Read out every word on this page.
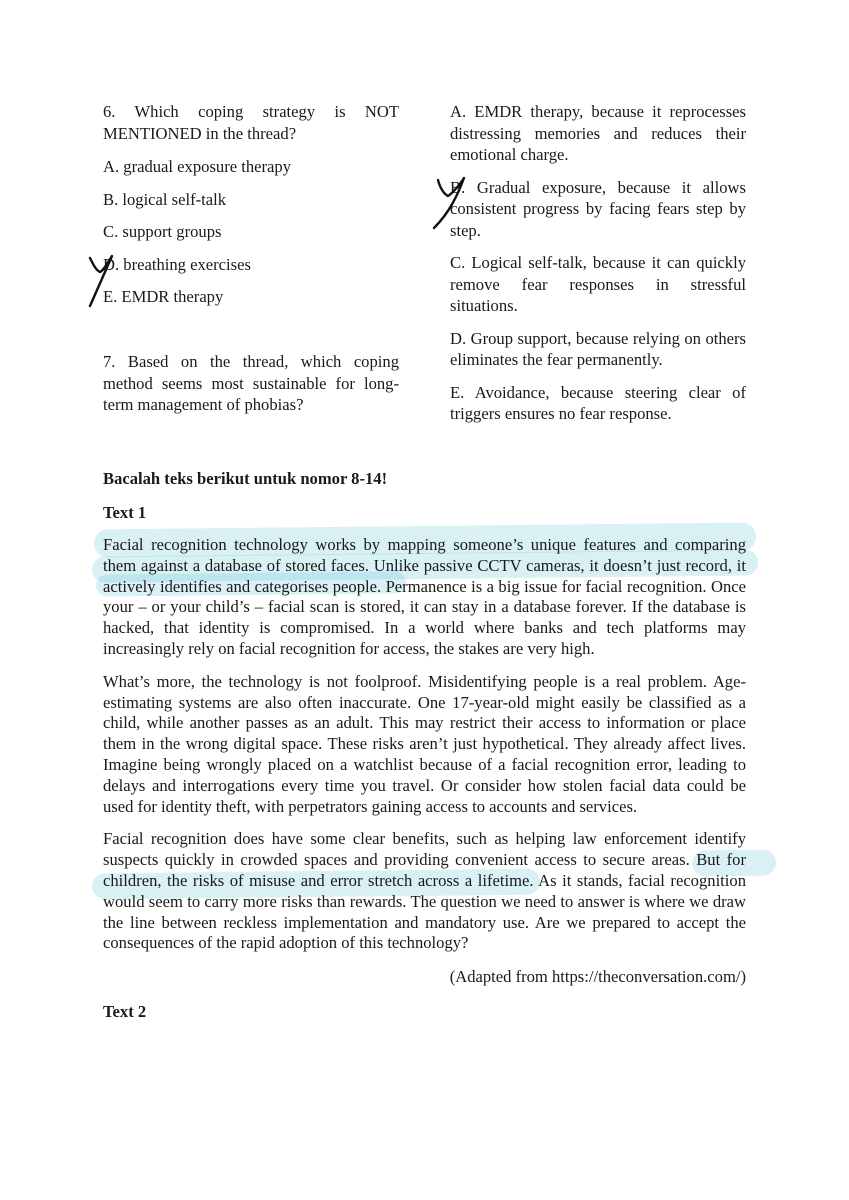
6. Which coping strategy is NOT MENTIONED in the thread?

A. gradual exposure therapy

B. logical self-talk

C. support groups

D. breathing exercises

E. EMDR therapy

7. Based on the thread, which coping method seems most sustainable for long-term management of phobias?

A. EMDR therapy, because it reprocesses distressing memories and reduces their emotional charge.

B. Gradual exposure, because it allows consistent progress by facing fears step by step.

C. Logical self-talk, because it can quickly remove fear responses in stressful situations.

D. Group support, because relying on others eliminates the fear permanently.

E. Avoidance, because steering clear of triggers ensures no fear response.

Bacalah teks berikut untuk nomor 8-14!

Text 1

Facial recognition technology works by mapping someone’s unique features and comparing them against a database of stored faces. Unlike passive CCTV cameras, it doesn’t just record, it actively identifies and categorises people. Permanence is a big issue for facial recognition. Once your – or your child’s – facial scan is stored, it can stay in a database forever. If the database is hacked, that identity is compromised. In a world where banks and tech platforms may increasingly rely on facial recognition for access, the stakes are very high.

What’s more, the technology is not foolproof. Misidentifying people is a real problem. Age-estimating systems are also often inaccurate. One 17-year-old might easily be classified as a child, while another passes as an adult. This may restrict their access to information or place them in the wrong digital space. These risks aren’t just hypothetical. They already affect lives. Imagine being wrongly placed on a watchlist because of a facial recognition error, leading to delays and interrogations every time you travel. Or consider how stolen facial data could be used for identity theft, with perpetrators gaining access to accounts and services.

Facial recognition does have some clear benefits, such as helping law enforcement identify suspects quickly in crowded spaces and providing convenient access to secure areas. But for children, the risks of misuse and error stretch across a lifetime. As it stands, facial recognition would seem to carry more risks than rewards. The question we need to answer is where we draw the line between reckless implementation and mandatory use. Are we prepared to accept the consequences of the rapid adoption of this technology?

(Adapted from https://theconversation.com/)

Text 2
